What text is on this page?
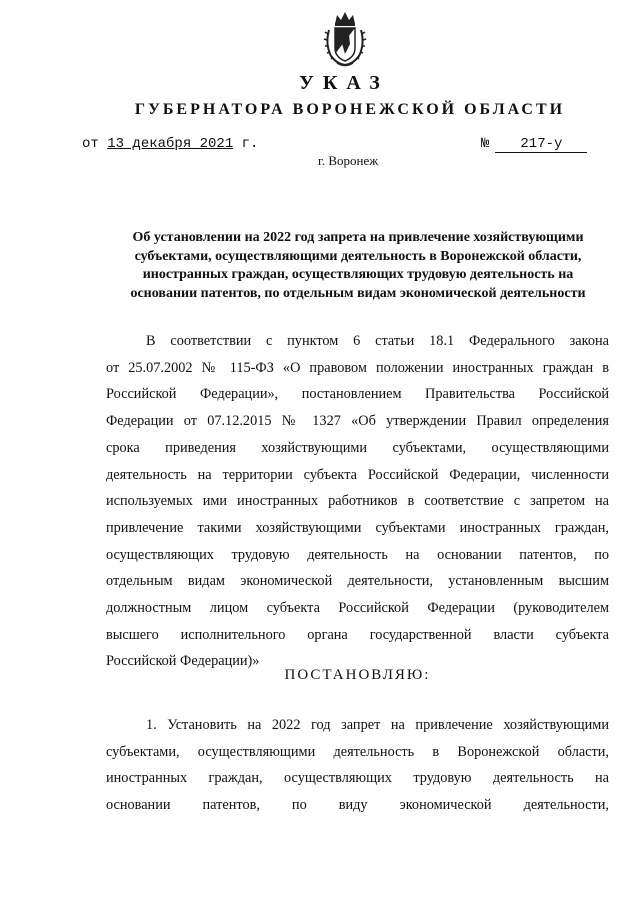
УКАЗ
ГУБЕРНАТОРА ВОРОНЕЖСКОЙ ОБЛАСТИ
от 13 декабря 2021 г.	№ 217-у
г. Воронеж
Об установлении на 2022 год запрета на привлечение хозяйствующими
субъектами, осуществляющими деятельность в Воронежской области,
иностранных граждан, осуществляющих трудовую деятельность на
основании патентов, по отдельным видам экономической деятельности
В соответствии с пунктом 6 статьи 18.1 Федерального закона
от 25.07.2002 № 115-ФЗ «О правовом положении иностранных граждан в
Российской Федерации», постановлением Правительства Российской
Федерации от 07.12.2015 № 1327 «Об утверждении Правил определения
срока приведения хозяйствующими субъектами, осуществляющими
деятельность на территории субъекта Российской Федерации, численности
используемых ими иностранных работников в соответствие с запретом на
привлечение такими хозяйствующими субъектами иностранных граждан,
осуществляющих трудовую деятельность на основании патентов, по
отдельным видам экономической деятельности, установленным высшим
должностным лицом субъекта Российской Федерации (руководителем
высшего исполнительного органа государственной власти субъекта
Российской Федерации)»
ПОСТАНОВЛЯЮ:
1. Установить на 2022 год запрет на привлечение хозяйствующими
субъектами, осуществляющими деятельность в Воронежской области,
иностранных граждан, осуществляющих трудовую деятельность на
основании патентов, по виду экономической деятельности,
